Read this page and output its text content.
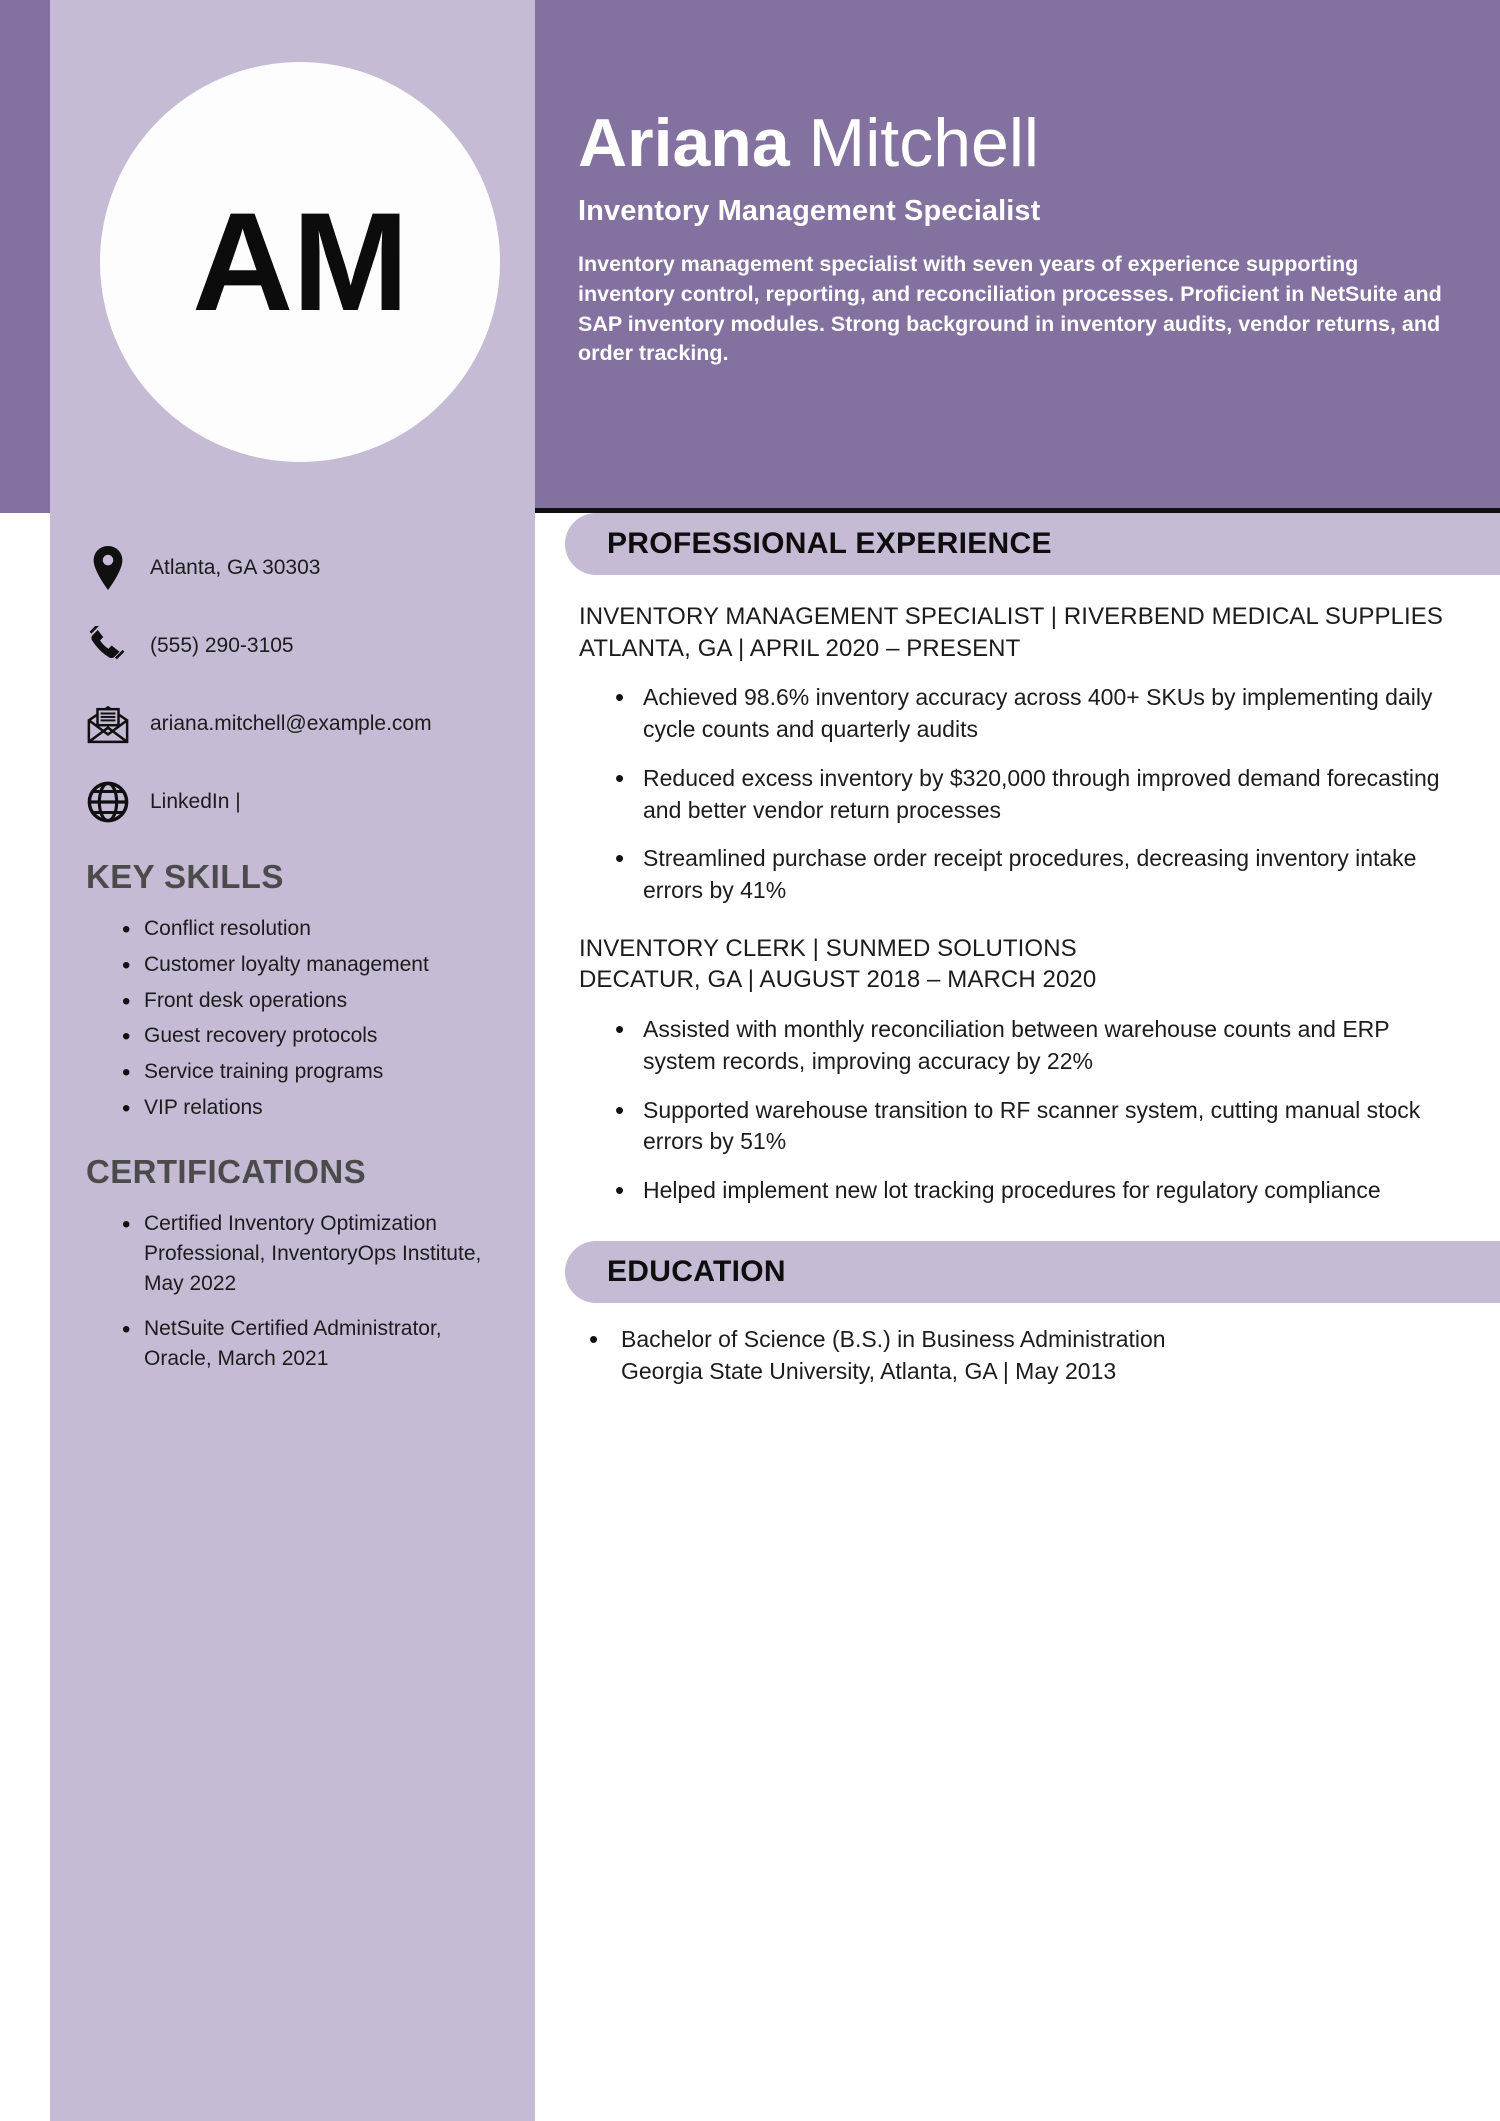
AM
Ariana Mitchell
Inventory Management Specialist
Inventory management specialist with seven years of experience supporting inventory control, reporting, and reconciliation processes. Proficient in NetSuite and SAP inventory modules. Strong background in inventory audits, vendor returns, and order tracking.
Atlanta, GA 30303
(555) 290-3105
ariana.mitchell@example.com
LinkedIn |
KEY SKILLS
• Conflict resolution
• Customer loyalty management
• Front desk operations
• Guest recovery protocols
• Service training programs
• VIP relations
CERTIFICATIONS
• Certified Inventory Optimization Professional, InventoryOps Institute, May 2022
• NetSuite Certified Administrator, Oracle, March 2021
PROFESSIONAL EXPERIENCE
INVENTORY MANAGEMENT SPECIALIST | RIVERBEND MEDICAL SUPPLIES
ATLANTA, GA | APRIL 2020 – PRESENT
• Achieved 98.6% inventory accuracy across 400+ SKUs by implementing daily cycle counts and quarterly audits
• Reduced excess inventory by $320,000 through improved demand forecasting and better vendor return processes
• Streamlined purchase order receipt procedures, decreasing inventory intake errors by 41%
INVENTORY CLERK | SUNMED SOLUTIONS
DECATUR, GA | AUGUST 2018 – MARCH 2020
• Assisted with monthly reconciliation between warehouse counts and ERP system records, improving accuracy by 22%
• Supported warehouse transition to RF scanner system, cutting manual stock errors by 51%
• Helped implement new lot tracking procedures for regulatory compliance
EDUCATION
• Bachelor of Science (B.S.) in Business Administration
Georgia State University, Atlanta, GA | May 2013
